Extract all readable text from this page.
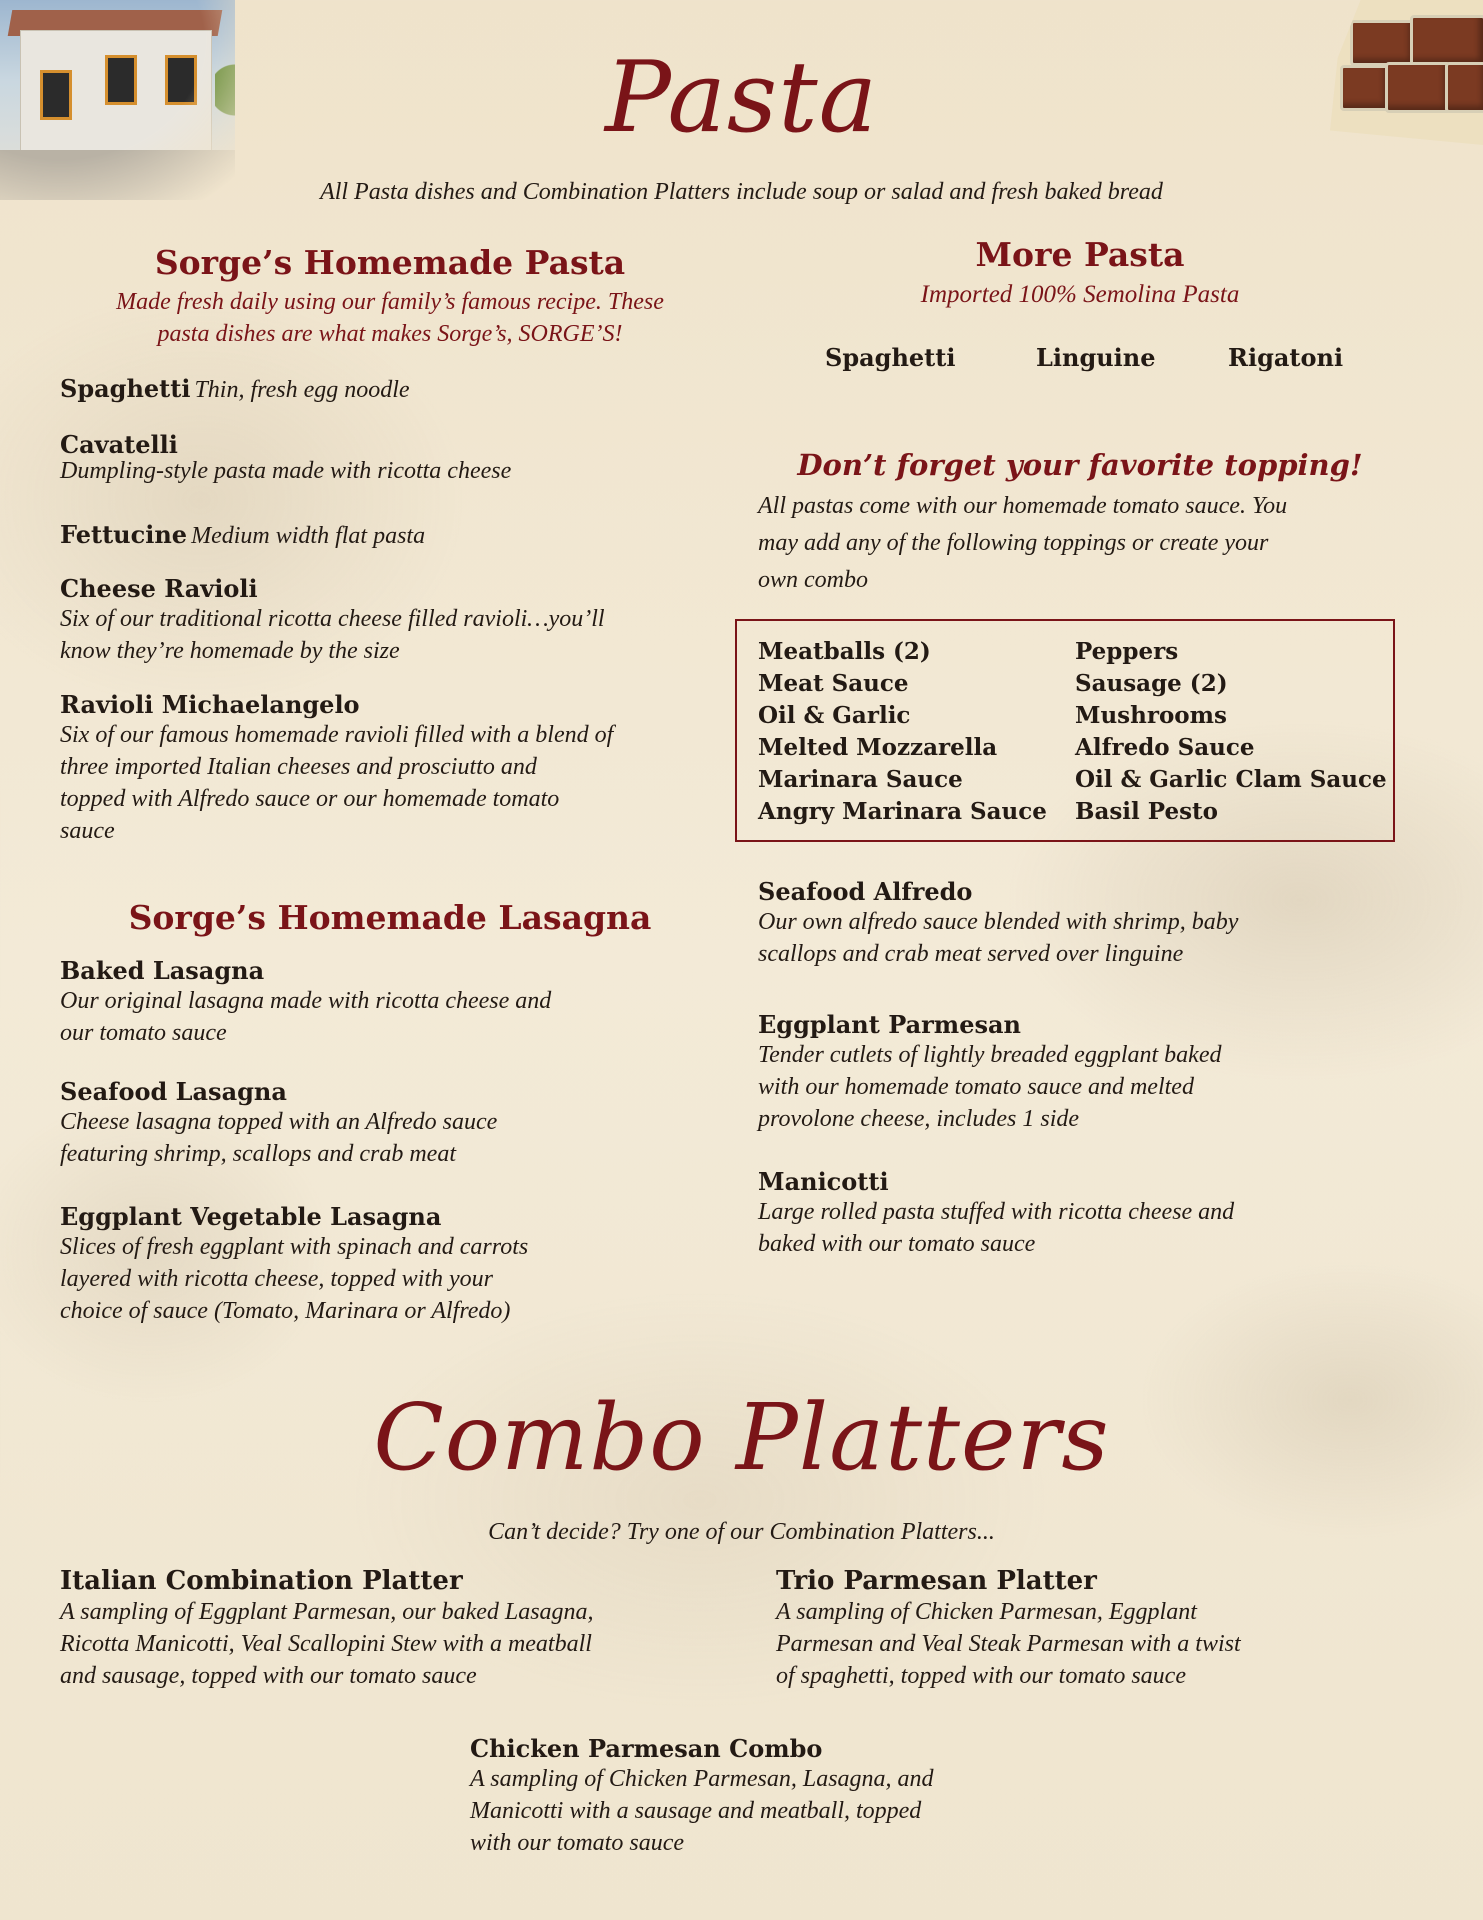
Pasta
All Pasta dishes and Combination Platters include soup or salad and fresh baked bread
Sorge’s Homemade Pasta
Made fresh daily using our family’s famous recipe. These
pasta dishes are what makes Sorge’s, SORGE’S!
Spaghetti Thin, fresh egg noodle
Cavatelli
Dumpling-style pasta made with ricotta cheese
Fettucine Medium width flat pasta
Cheese Ravioli
Six of our traditional ricotta cheese filled ravioli…you’ll
know they’re homemade by the size
Ravioli Michaelangelo
Six of our famous homemade ravioli filled with a blend of
three imported Italian cheeses and prosciutto and
topped with Alfredo sauce or our homemade tomato
sauce
Sorge’s Homemade Lasagna
Baked Lasagna
Our original lasagna made with ricotta cheese and
our tomato sauce
Seafood Lasagna
Cheese lasagna topped with an Alfredo sauce
featuring shrimp, scallops and crab meat
Eggplant Vegetable Lasagna
Slices of fresh eggplant with spinach and carrots
layered with ricotta cheese, topped with your
choice of sauce (Tomato, Marinara or Alfredo)
More Pasta
Imported 100% Semolina Pasta
Spaghetti	Linguine	Rigatoni
Don’t forget your favorite topping!
All pastas come with our homemade tomato sauce. You
may add any of the following toppings or create your
own combo
Meatballs (2)
Meat Sauce
Oil & Garlic
Melted Mozzarella
Marinara Sauce
Angry Marinara Sauce
Peppers
Sausage (2)
Mushrooms
Alfredo Sauce
Oil & Garlic Clam Sauce
Basil Pesto
Seafood Alfredo
Our own alfredo sauce blended with shrimp, baby
scallops and crab meat served over linguine
Eggplant Parmesan
Tender cutlets of lightly breaded eggplant baked
with our homemade tomato sauce and melted
provolone cheese, includes 1 side
Manicotti
Large rolled pasta stuffed with ricotta cheese and
baked with our tomato sauce
Combo Platters
Can’t decide? Try one of our Combination Platters...
Italian Combination Platter
A sampling of Eggplant Parmesan, our baked Lasagna,
Ricotta Manicotti, Veal Scallopini Stew with a meatball
and sausage, topped with our tomato sauce
Trio Parmesan Platter
A sampling of Chicken Parmesan, Eggplant
Parmesan and Veal Steak Parmesan with a twist
of spaghetti, topped with our tomato sauce
Chicken Parmesan Combo
A sampling of Chicken Parmesan, Lasagna, and
Manicotti with a sausage and meatball, topped
with our tomato sauce
